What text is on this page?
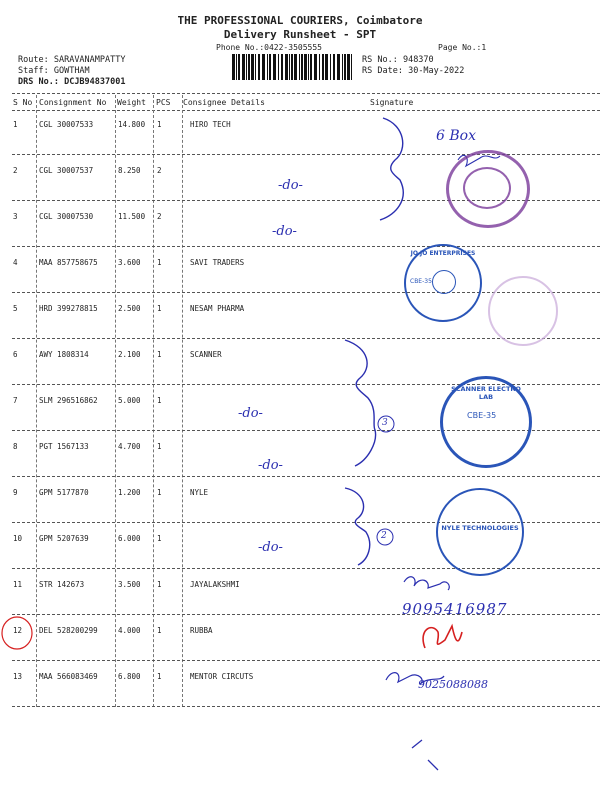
THE PROFESSIONAL COURIERS, Coimbatore
Delivery Runsheet - SPT
Phone No.:0422-3505555	Page No.:1
Route: SARAVANAMPATTY
Staff: GOWTHAM
DRS No.: DCJB94837001
RS No.: 948370
RS Date: 30-May-2022
S No Consignment No Weight PCS Consignee Details	Signature
1	CGL 30007533	14.800 1	HIRO TECH
2	CGL 30007537	8.250 2
3	CGL 30007530	11.500 2
4	MAA 857758675	3.600 1	SAVI TRADERS
5	HRD 399278815	2.500 1	NESAM PHARMA
6	AWY 1808314	2.100 1	SCANNER
7	SLM 296516862	5.000 1
8	PGT 1567133	4.700 1
9	GPM 5177870	1.200 1	NYLE
10 GPM 5207639	6.000 1
11 STR 142673	3.500 1	JAYALAKSHMI
12 DEL 528200299	4.000 1	RUBBA
13 MAA 566083469	6.800 1	MENTOR CIRCUTS
-do-
-do-
-do-
-do-
-do-
6 Box
3
2
9095416987
9025088088
JO JO ENTERPRISES
CBE-35
SCANNER ELECTRO LAB
CBE-35
NYLE TECHNOLOGIES
